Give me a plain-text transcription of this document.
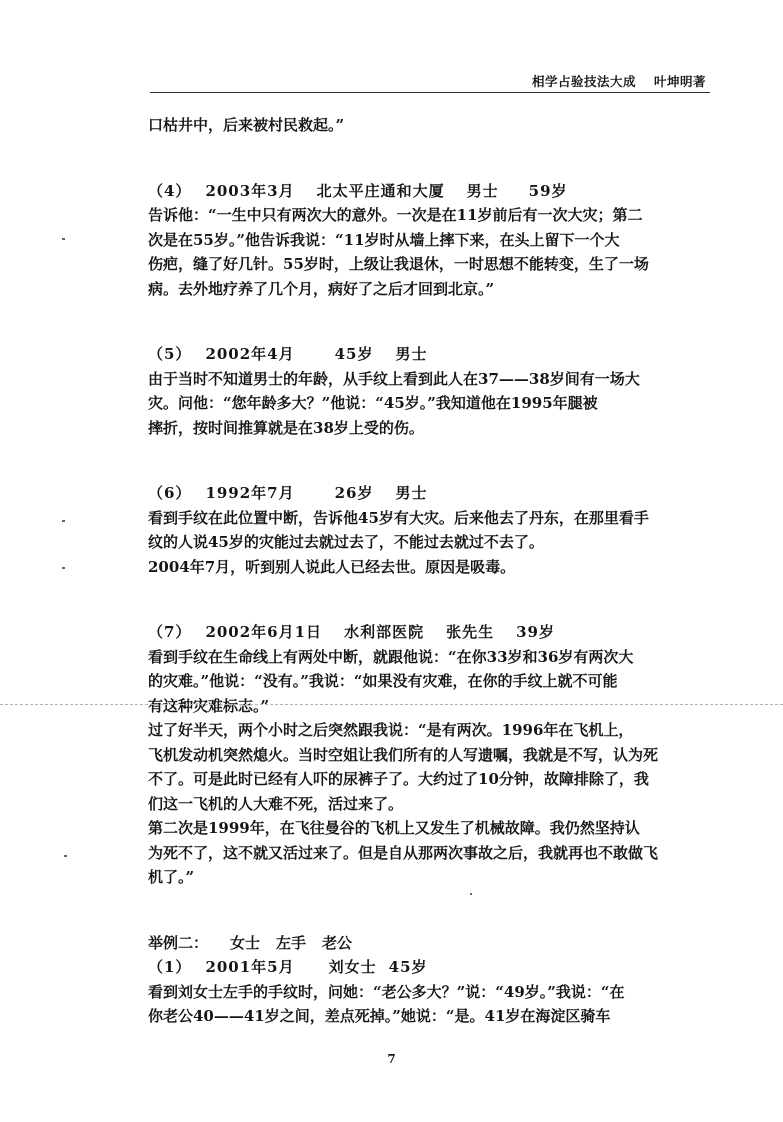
相学占验技法大成 叶坤明著

口枯井中，后来被村民救起。”

（4） 2003年3月 北太平庄通和大厦 男士 59岁

告诉他：“一生中只有两次大的意外。一次是在11岁前后有一次大灾；第二

次是在55岁。”他告诉我说：“11岁时从墙上摔下来，在头上留下一个大

伤疤，缝了好几针。55岁时，上级让我退休，一时思想不能转变，生了一场

病。去外地疗养了几个月，病好了之后才回到北京。”

（5） 2002年4月	45岁 男士

由于当时不知道男士的年龄，从手纹上看到此人在37——38岁间有一场大

灾。问他：“您年龄多大？”他说：“45岁。”我知道他在1995年腿被

摔折，按时间推算就是在38岁上受的伤。

（6） 1992年7月	26岁 男士

看到手纹在此位置中断，告诉他45岁有大灾。后来他去了丹东，在那里看手

纹的人说45岁的灾能过去就过去了，不能过去就过不去了。

2004年7月，听到别人说此人已经去世。原因是吸毒。

（7） 2002年6月1日 水利部医院 张先生 39岁

看到手纹在生命线上有两处中断，就跟他说：“在你33岁和36岁有两次大

的灾难。”他说：“没有。”我说：“如果没有灾难，在你的手纹上就不可能

有这种灾难标志。”

过了好半天，两个小时之后突然跟我说：“是有两次。1996年在飞机上，

飞机发动机突然熄火。当时空姐让我们所有的人写遗嘱，我就是不写，认为死

不了。可是此时已经有人吓的尿裤子了。大约过了10分钟，故障排除了，我

们这一飞机的人大难不死，活过来了。

第二次是1999年，在飞往曼谷的飞机上又发生了机械故障。我仍然坚持认

为死不了，这不就又活过来了。但是自从那两次事故之后，我就再也不敢做飞

机了。”

举例二： 女士 左手 老公

（1） 2001年5月 刘女士 45岁

看到刘女士左手的手纹时，问她：“老公多大？”说：“49岁。”我说：“在

你老公40——41岁之间，差点死掉。”她说：“是。41岁在海淀区骑车

7
